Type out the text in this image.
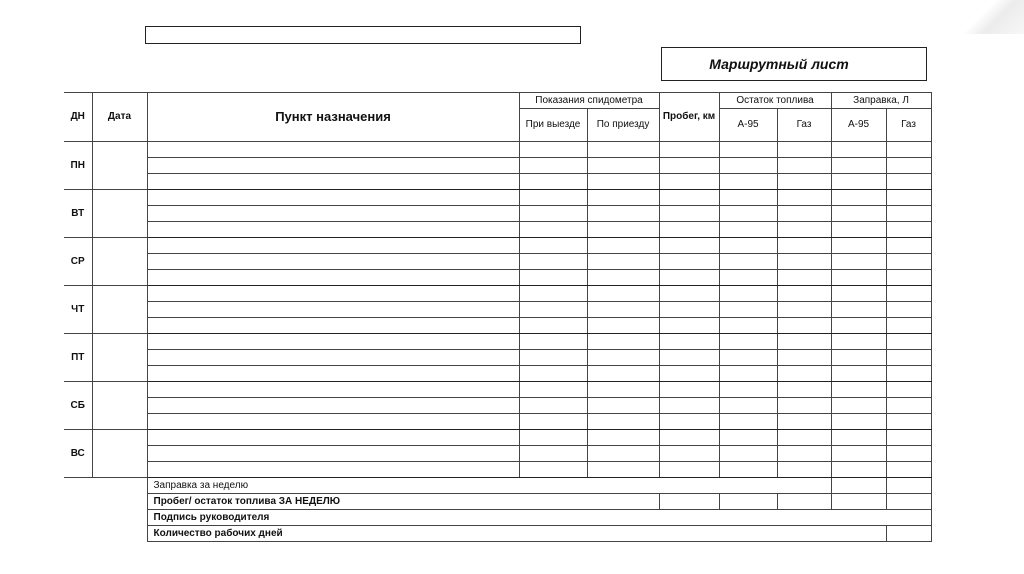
Маршрутный лист
ДН	Дата	Пункт назначения	Показания спидометра		Пробег, км	Остаток топлива		Заправка, Л	
			При выезде	По приезду		А-95	Газ	А-95	Газ

ПН									

ВТ									

СР									

ЧТ									

ПТ									

СБ									

ВС									

		Заправка за неделю							
		Пробег/ остаток топлива ЗА НЕДЕЛЮ							
		Подпись руководителя							
		Количество рабочих дней							
